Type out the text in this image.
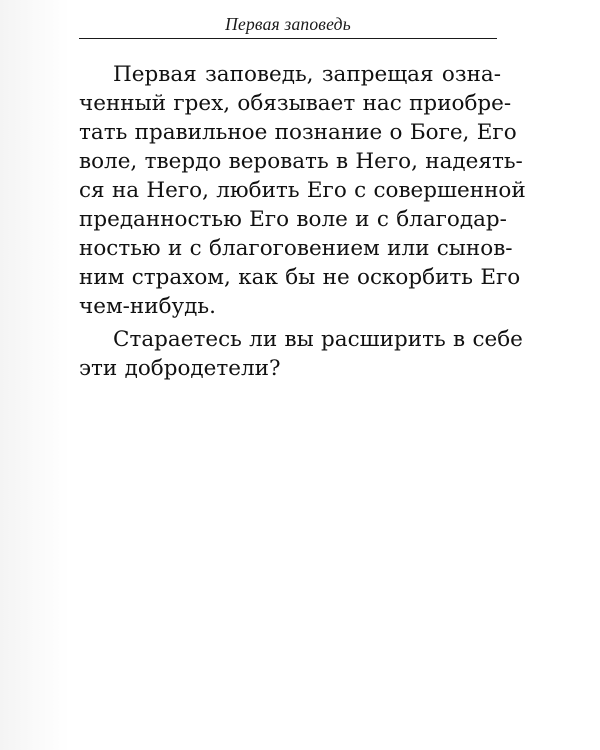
Первая заповедь
Первая заповедь, запрещая озна-
ченный грех, обязывает нас приобре-
тать правильное познание о Боге, Его
воле, твердо веровать в Него, надеять-
ся на Него, любить Его с совершенной
преданностью Его воле и с благодар-
ностью и с благоговением или сынов-
ним страхом, как бы не оскорбить Его
чем-нибудь.
Стараетесь ли вы расширить в себе
эти добродетели?
